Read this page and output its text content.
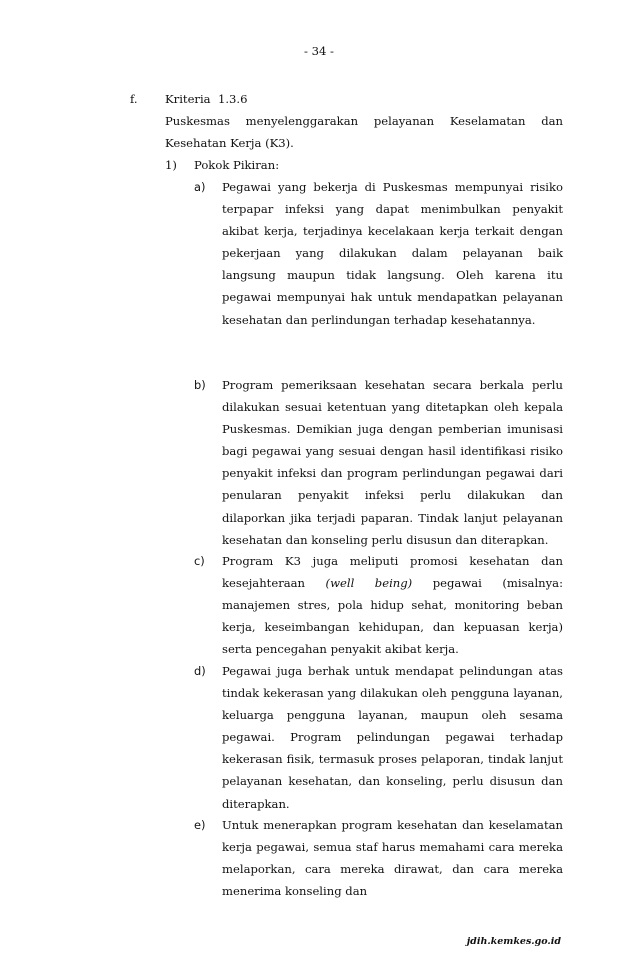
- 34 -
f. Kriteria  1.3.6
Puskesmas menyelenggarakan pelayanan Keselamatan dan Kesehatan Kerja (K3).
1) Pokok Pikiran:
a) Pegawai yang bekerja di Puskesmas mempunyai risiko terpapar infeksi yang dapat menimbulkan penyakit akibat kerja, terjadinya kecelakaan kerja terkait dengan pekerjaan yang dilakukan dalam pelayanan baik langsung maupun tidak langsung. Oleh karena itu pegawai mempunyai hak untuk mendapatkan pelayanan kesehatan dan perlindungan terhadap kesehatannya.
b) Program pemeriksaan kesehatan secara berkala perlu dilakukan sesuai ketentuan yang ditetapkan oleh kepala Puskesmas. Demikian juga dengan pemberian imunisasi bagi pegawai yang sesuai dengan hasil identifikasi risiko penyakit infeksi dan program perlindungan pegawai dari penularan penyakit infeksi perlu dilakukan dan dilaporkan jika terjadi paparan. Tindak lanjut pelayanan kesehatan dan konseling perlu disusun dan diterapkan.
c) Program K3 juga meliputi promosi kesehatan dan kesejahteraan (well being) pegawai (misalnya: manajemen stres, pola hidup sehat, monitoring beban kerja, keseimbangan kehidupan, dan kepuasan kerja) serta pencegahan penyakit akibat kerja.
d) Pegawai juga berhak untuk mendapat pelindungan atas tindak kekerasan yang dilakukan oleh pengguna layanan, keluarga pengguna layanan, maupun oleh sesama pegawai. Program pelindungan pegawai terhadap kekerasan fisik, termasuk proses pelaporan, tindak lanjut pelayanan kesehatan, dan konseling, perlu disusun dan diterapkan.
e) Untuk menerapkan program kesehatan dan keselamatan kerja pegawai, semua staf harus memahami cara mereka melaporkan, cara mereka dirawat, dan cara mereka menerima konseling dan
jdih.kemkes.go.id
